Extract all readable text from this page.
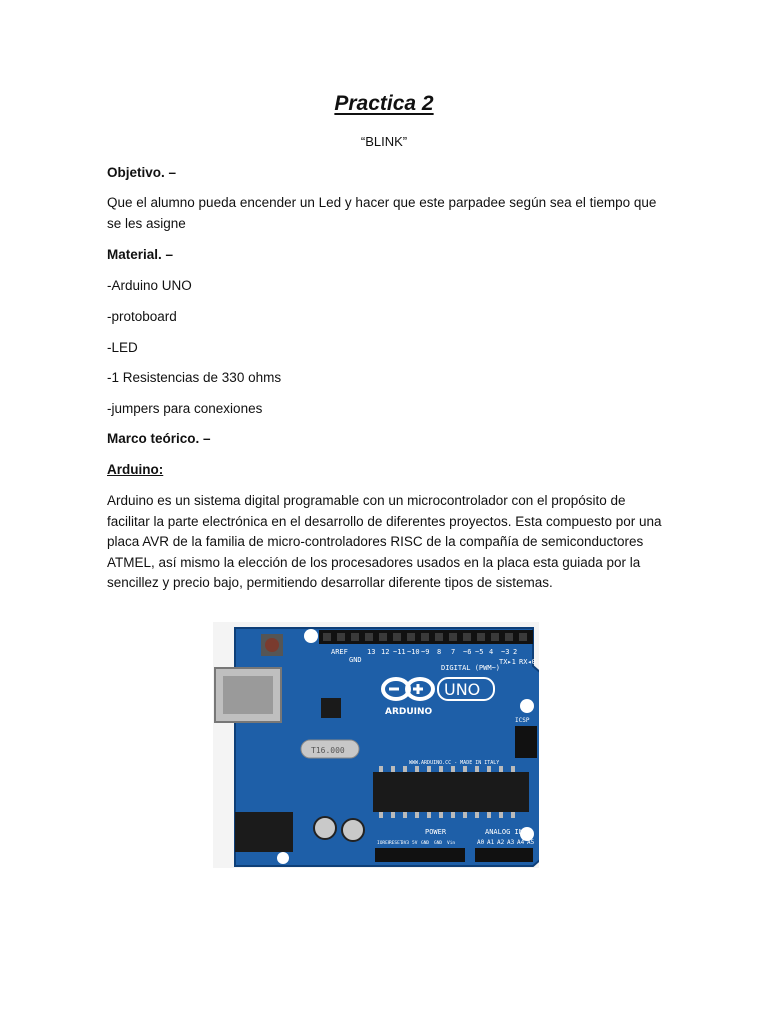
Practica 2
“BLINK”
Objetivo. –
Que el alumno pueda encender un Led y hacer que este parpadee según sea el tiempo que se les asigne
Material. –
-Arduino UNO
-protoboard
-LED
-1 Resistencias de 330 ohms
-jumpers para conexiones
Marco teórico. –
Arduino:
Arduino es un sistema digital programable con un microcontrolador con el propósito de facilitar la parte electrónica en el desarrollo de diferentes proyectos. Esta compuesto por una placa AVR de la familia de micro-controladores RISC de la compañía de semiconductores ATMEL, así mismo la elección de los procesadores usados en la placa esta guiada por la sencillez y precio bajo, permitiendo desarrollar diferente tipos de sistemas.
AREF
GND
13 12 ~11 ~10 ~9 8 7 ~6 ~5 4 ~3 2
TX▸1 RX◂0
DIGITAL (PWM~)
UNO
ARDUINO
ICSP
T16.000
WWW.ARDUINO.CC - MADE IN ITALY
POWER	ANALOG IN
A0 A1 A2 A3 A4 A5
IOREF
RESET
3V3 5V GND GND Vin
